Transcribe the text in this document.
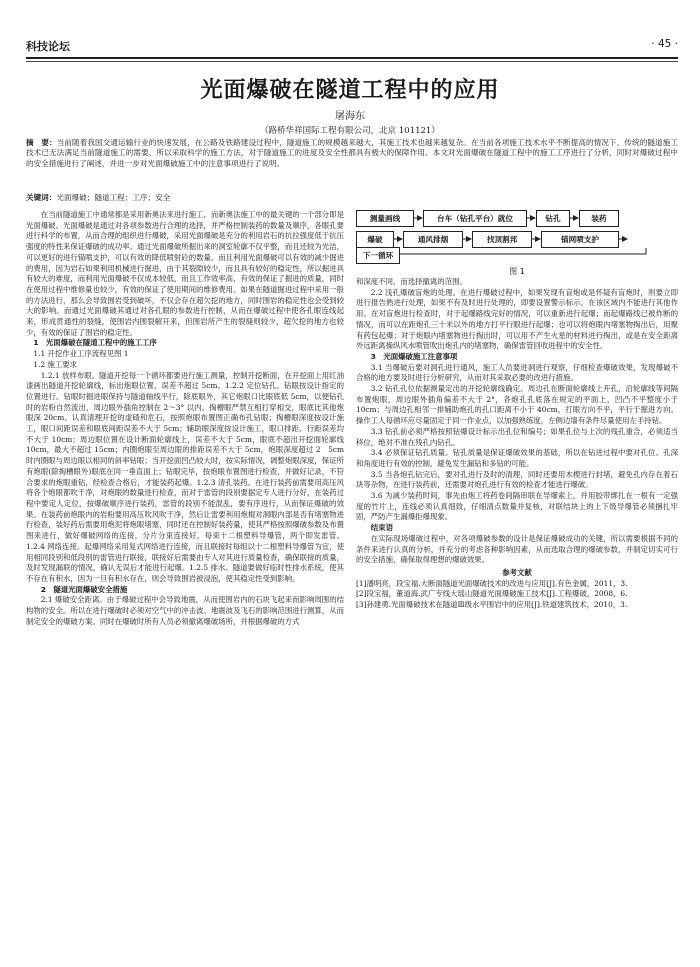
科技论坛	· 45 ·
光面爆破在隧道工程中的应用
屠海东
（路桥华祥国际工程有限公司，北京 101121）
摘　要：当前随着我国交通运输行业的快速发展，在公路及铁路建设过程中，隧道施工的规模越来越大，其施工技术也越来越复杂。在当前各项施工技术水平不断提高的情况下，传统的隧道施工技术已无法满足当前隧道施工的需要，所以采取科学的施工方法，对于隧道施工的进度及安全性都具有极大的保障作用。本文对光面爆破在隧道工程中的施工工序进行了分析，同时对爆破过程中的安全措施进行了阐述，并进一步对光面爆破施工中的注意事项进行了说明。
关键词：光面爆破；隧道工程；工序；安全

在当前隧道施工中通常都是采用新奥法来进行施工，而新奥法施工中的最关键的一个部分即是光面爆破。光面爆破是通过对各项参数进行合理的选择，并严格控制装药的数量及顺序，各眼孔要进行科学的布置，从而合理的组织进行爆破，采用光面爆破是充分的利用岩石的抗拉强度低于抗压强度的特性来保证爆破的成功率。通过光面爆破所掘出来的洞室轮廓不仅平整，而且还较为光洁，可以更好的进行锚喷支护，可以有效的降低喷射砼的数量。而且利用光面爆破可以有效的减少掘进的费用，因为岩石如果利用机械进行掘进，由于其裂隙较少，而且具有较好的稳定性，所以掘进具有较大的难度，而利用光面爆破不仅成本较低，而且工作效率高，有效的保证了掘进的质量，同时在使用过程中维修量也较少，有效的保证了使用期间的维修费用。如果在隧道掘进过程中采用一般的方法进行，那么会导致围岩受到破坏，不仅会存在超欠挖的地方，同时围岩的稳定性也会受到较大的影响。而通过光面爆破其通过对各孔眼的参数进行控制，从而在爆破过程中使各孔眼连线起来，形成贯通性的裂缝，使围岩内围裂解开来，但围岩所产生的裂缝则较少，超欠挖的地方也较少，有效的保证了围岩的稳定性。

1　光面爆破在隧道工程中的施工工序

1.1 开挖作业工序流程见图 1

1.2 施工要求

1.2.1 放样布眼。隧道开挖每一个循环都要进行施工测量，控制开挖断面，在开挖面上用红油漆画出隧道开挖轮廓线，标出炮眼位置，误差不超过 5cm。1.2.2 定位钻孔。钻眼按设计指定的位置进行。钻眼时掘进眼保持与隧道轴线平行，除底眼外，其它炮眼口比眼底低 5cm，以便钻孔时的岩粉自然流出，周边眼外插角控制在 2～3° 以内。掏槽眼严禁互相打穿相交，眼底比其他炮眼深 20cm。认真清理开挖的虚碴和危石，按照炮眼布置图正确布孔钻眼；掏槽眼深度按设计施工，眼口间距误差和眼底间距误差不大于 5cm；辅助眼深度按设计施工，眼口排距、行距误差均不大于 10cm；周边眼位置在设计断面轮廓线上，误差不大于 5cm，眼底不超出开挖面轮廓线 10cm，最大不超过 15cm；内圈炮眼至周边眼的排距误差不大于 5cm，炮眼深度超过 2　5cm 时内圈眼与周边眼以相同的斜率钻眼；当开挖面凹凸较大时，按实际情况，调整炮眼深度，保证所有炮眼(除掏槽眼外)眼底在同一垂直面上；钻眼完毕，按炮眼布置图进行检查，并做好记录，不符合要求的炮眼重钻，经检查合格后，才能装药起爆。1.2.3 清孔装药。在进行装药前需要用高压风将各个炮眼都吹干净，对炮眼的数量进行检查，而对于雷管的段别要据定专人进行分好，在装药过程中要定人定位，按爆破顺序进行装药，雷管的段别不能混乱，要有序进行，从而保证爆破的效果。在装药前炮眼内的岩粉要用高压吹风吹干净，然后让雷要利用炮棍对洞眼内部是否有堵塞物进行检查，装好药后需要用炮泥将炮眼堵塞，同时还在控制好装药量，使其严格按照爆破参数及布置图来进行，做好爆破网络的连接，分片分束连接好，每束十二根塑料导爆管，两个即发雷管。1.2.4 网络连接。起爆网络采用复式网络进行连接，而且联接时每组以十二根塑料导爆管为宜，使用相同段别和低段别的雷管进行联接，联接好后需要由专人对其进行质量检查，确保联接的质量，及时发现漏联的情况，确认无误后才能进行起爆。1.2.5 排水。隧道要做好临时性排水系统，使其不存在有积水，因为一旦有积水存在，则会导致围岩被浸泡，使其稳定性受到影响。

2　隧道光面爆破安全措施

2.1 爆破安全距离。由于爆破过程中会导致地震，从而使围岩内的石块飞起来而影响周围的结构物的安全。所以在进行爆破时必须对空气中的冲击波、地震波及飞石的影响范围进行测算，从而制定安全的爆破方案。同时在爆破时所有人员必须撤离爆破场所，并根据爆破的方式

测量画线	台车（钻孔平台）就位	钻孔	装药
爆破	通风排烟	找顶割邦	锚网喷支护
下一循环
图 1

和深度不同，而选择撤离的范围。

2.2 浅孔爆破盲炮的处理。在进行爆破过程中，如果发现有盲炮或是怀疑有盲炮时，则要立即进行报告熟进行处理，如果不有及时进行处理的，即要设置警示标示，在该区域内不能进行其他作用。在对盲炮进行检查时，对于起爆路线完好的情况，可以重新进行起爆；而起爆路线已被炸断的情况，而可以在距炮孔三十米以外的地方打平行眼进行起爆；也可以将炮眼内堵塞物掏出后，用聚有药包起爆；对于炮眼内堵塞物进行掏出时，可以用不产生火星的材料进行掏出，或是在安全距离外远距离操纵风水喷管吹出炮孔内的堵塞物，确保雷管回收进程中的安全性。

3　光面爆破施工注意事项

3.1 当爆破后要对洞孔进行通风，施工人员要进洞进行观察，仔细检查爆破效果，发现爆破不合格的地方要及时进行分析研究，从而对其采取必要的改进行措施。

3.2 钻孔孔位依据测量定出的开挖轮廓线确定。周边孔在断面轮廓线上开孔，沿轮廓线等间隔布置炮眼，周边眼外插角偏差不大于 2°，各炮孔孔底落在规定的平面上，凹凸不平整度小于 10cm；与周边孔相邻一排辅助炮孔的孔口距离不小于 40cm，打眼方向不平，平行于掘进方向。操作工人每循环应尽量固定于同一作业点，以加强熟练度，左侧边墙有条件尽量使用左手持钻。

3.3 钻孔前必须严格按照钻爆设计标示出孔位和编号；如果孔位与上次的残孔重合，必须适当移位，绝对不准在残孔内钻孔。

3.4 必须保证钻孔质量。钻孔质量是保证爆破效果的基础，所以在钻进过程中要对孔位、孔深和角度进行有效的控制，避免发生漏钻和多钻的可能。

3.5 当各炮孔钻完后，要对孔进行及时的清理，同时还要用木楔进行封堵，避免孔内存在着石块等杂物，在进行装药前，还需要对炮孔进行有效的检查才能进行爆破。

3.6 为减少装药时间，事先由炮工将药卷间隔串联在导爆索上，并用胶带绑扎在一根有一定强度的竹片上，连线必须认真细致，仔细清点数量并复核，对联结块上的上下级导爆管必须捆扎牢固，严防产生漏爆拒爆现象。

结束语

在实际现场爆破过程中，对各项爆破参数的设计是保证爆破成功的关键，所以需要根据不同的条件来进行认真的分析，并充分的考虑各种影响因素，从而选取合理的爆破参数，并制定切实可行的安全措施，确保取得理想的爆破效果。

参考文献

[1]潘明亮，段宝福.大断面隧道光面爆破技术的改进与应用[J].有色金属，2011，3.

[2]段宝福，董道海.武广专线大瑶山隧道光面爆破施工技术[J].工程爆破，2008，6.

[3]孙建勇.光面爆破技术在隧道Ⅲ级水平围岩中的应用[J].铁道建筑技术，2010，3.
